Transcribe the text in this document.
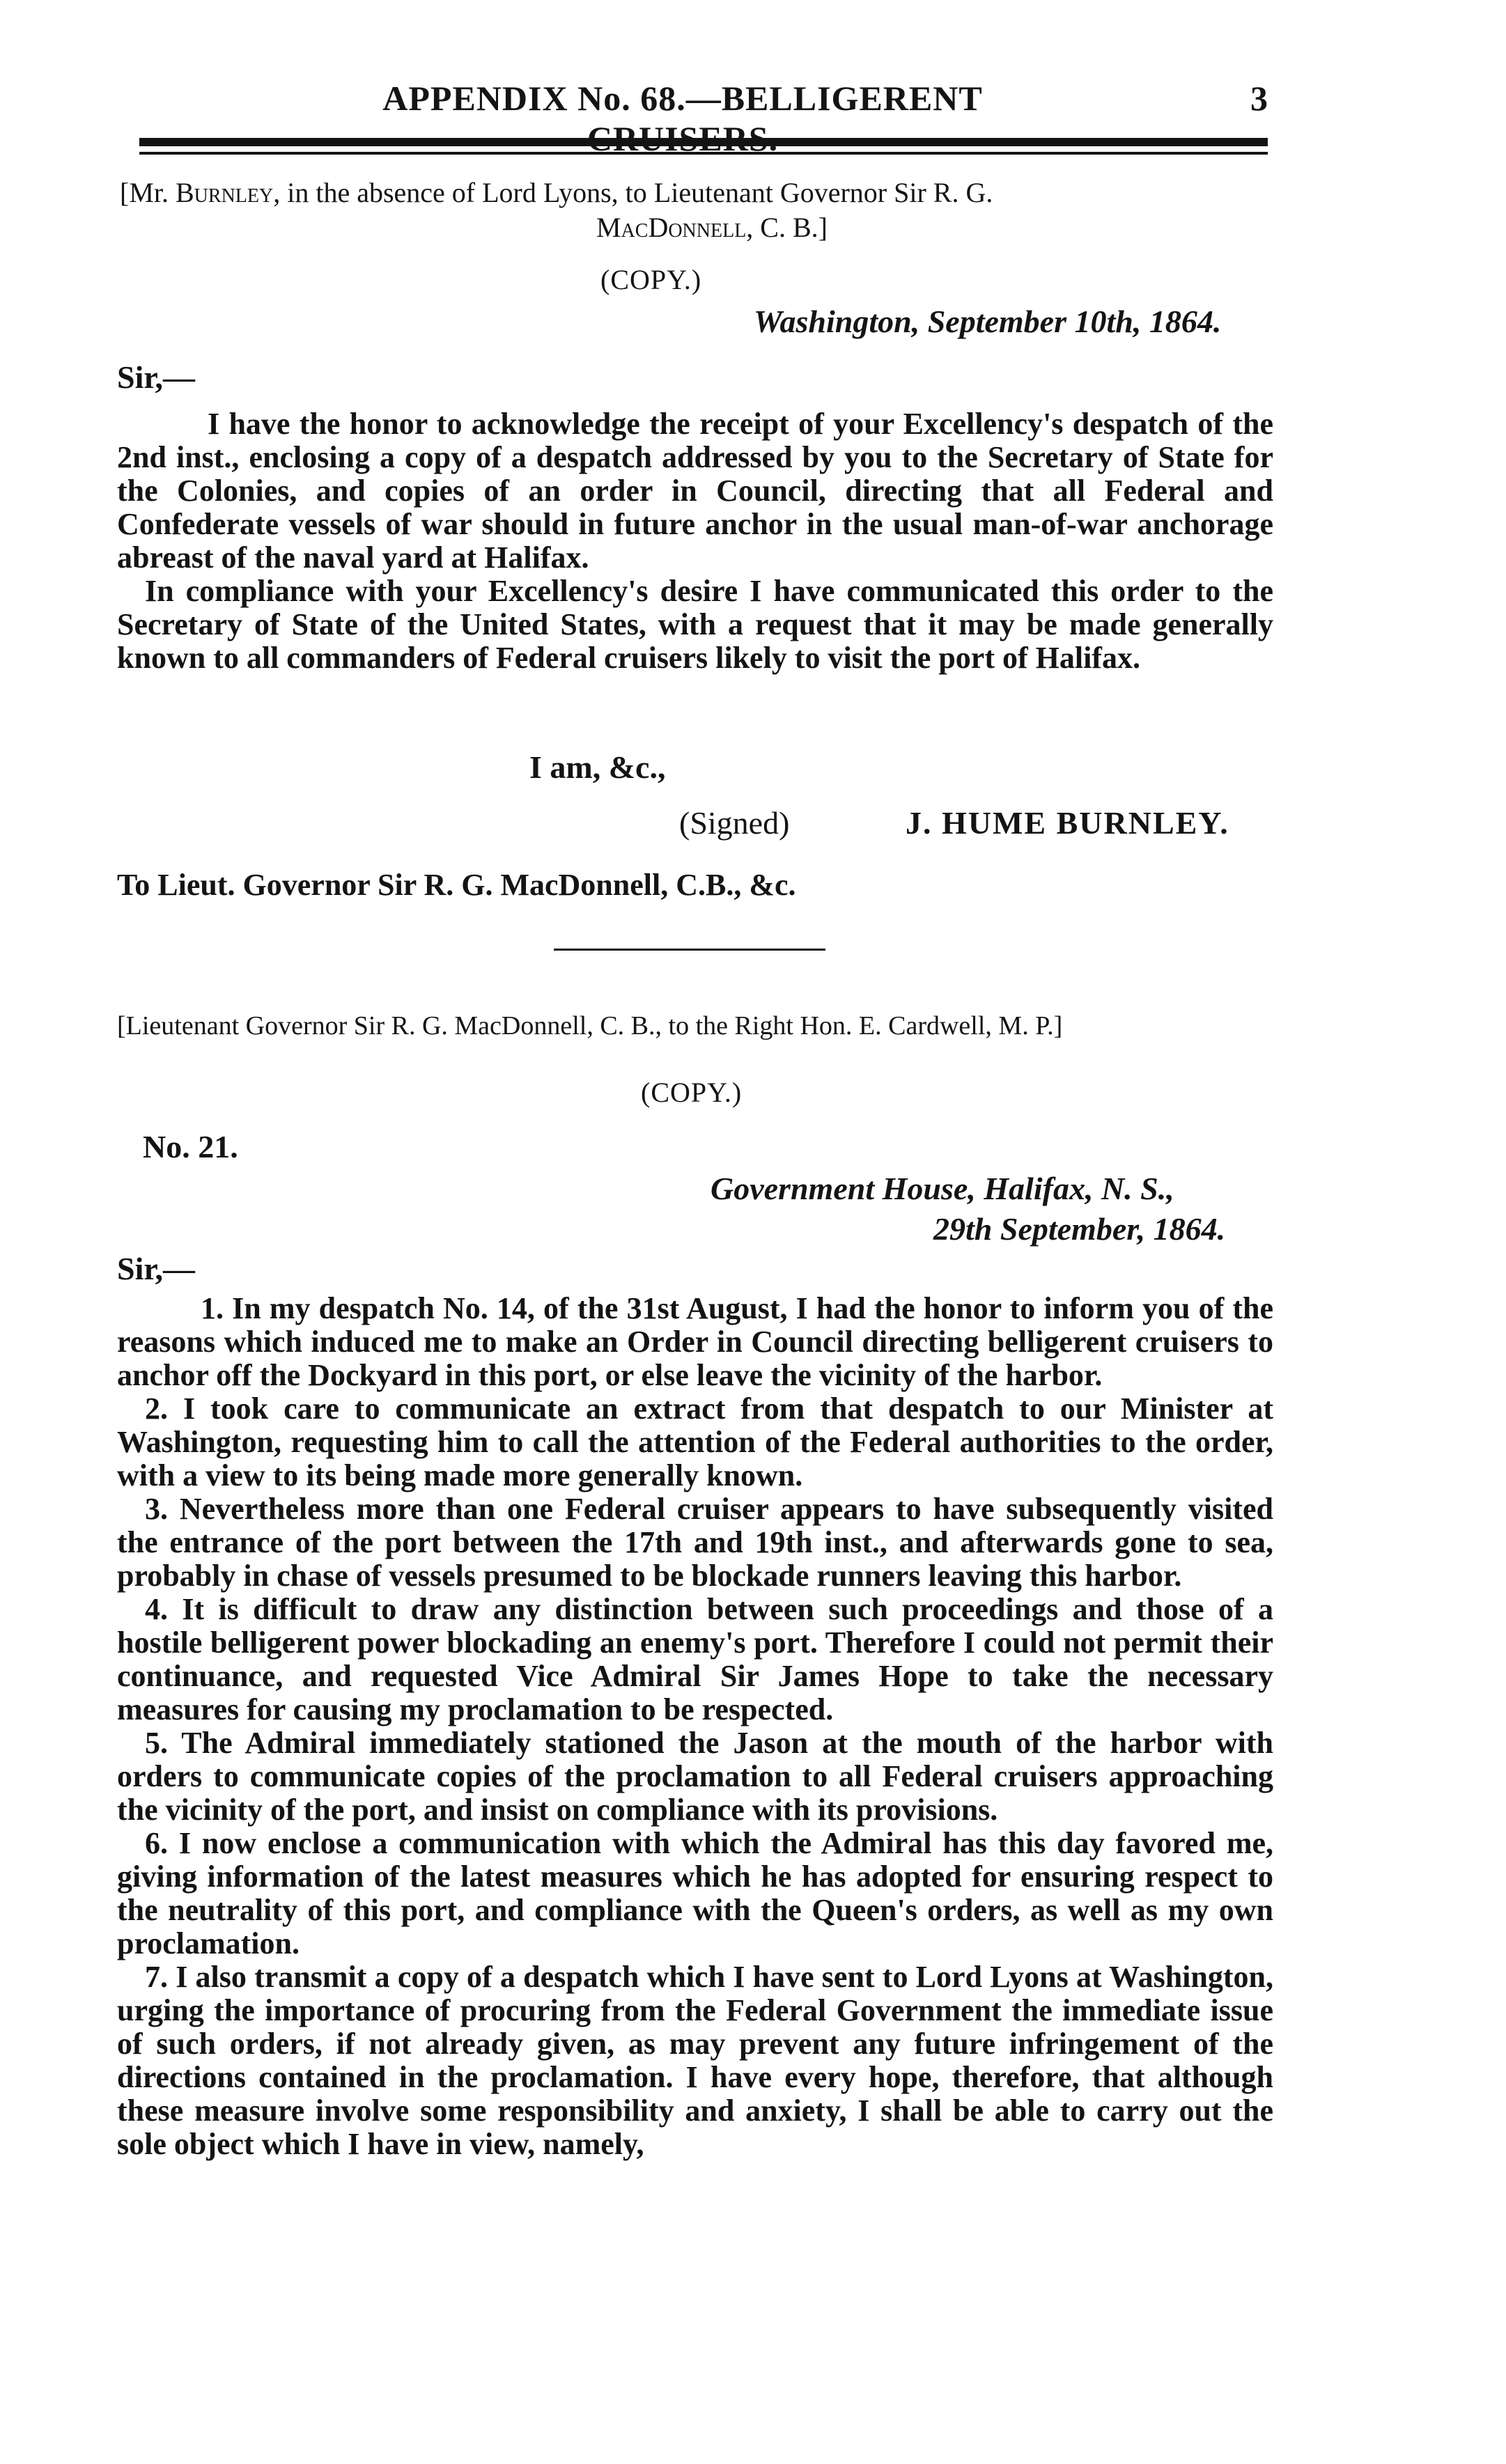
APPENDIX No. 68.—BELLIGERENT	3
[Mr. Burnley, in the absence of Lord Lyons, to Lieutenant Governor Sir R. G.
MacDonnell, C. B.]
(COPY.)
Washington, September 10th, 1864.
Sir,—

I have the honor to acknowledge the receipt of your Excellency's despatch of the 2nd inst., enclosing a copy of a despatch addressed by you to the Secretary of State for the Colonies, and copies of an order in Council, directing that all Federal and Confederate vessels of war should in future anchor in the usual man-of-war anchorage abreast of the naval yard at Halifax.

In compliance with your Excellency's desire I have communicated this order to the Secretary of State of the United States, with a request that it may be made generally known to all commanders of Federal cruisers likely to visit the port of Halifax.

I am, &c.,
(Signed)	J. HUME BURNLEY.
To Lieut. Governor Sir R. G. MacDonnell, C.B., &c.
[Lieutenant Governor Sir R. G. MacDonnell, C. B., to the Right Hon. E. Cardwell, M. P.]
(COPY.)
No. 21.
Government House, Halifax, N. S.,
29th September, 1864.
Sir,—

1. In my despatch No. 14, of the 31st August, I had the honor to inform you of the reasons which induced me to make an Order in Council directing belligerent cruisers to anchor off the Dockyard in this port, or else leave the vicinity of the harbor.

2. I took care to communicate an extract from that despatch to our Minister at Washington, requesting him to call the attention of the Federal authorities to the order, with a view to its being made more generally known.

3. Nevertheless more than one Federal cruiser appears to have subsequently visited the entrance of the port between the 17th and 19th inst., and afterwards gone to sea, probably in chase of vessels presumed to be blockade runners leaving this harbor.

4. It is difficult to draw any distinction between such proceedings and those of a hostile belligerent power blockading an enemy's port. Therefore I could not permit their continuance, and requested Vice Admiral Sir James Hope to take the necessary measures for causing my proclamation to be respected.

5. The Admiral immediately stationed the Jason at the mouth of the harbor with orders to communicate copies of the proclamation to all Federal cruisers approaching the vicinity of the port, and insist on compliance with its provisions.

6. I now enclose a communication with which the Admiral has this day favored me, giving information of the latest measures which he has adopted for ensuring respect to the neutrality of this port, and compliance with the Queen's orders, as well as my own proclamation.

7. I also transmit a copy of a despatch which I have sent to Lord Lyons at Washington, urging the importance of procuring from the Federal Government the immediate issue of such orders, if not already given, as may prevent any future infringement of the directions contained in the proclamation. I have every hope, therefore, that although these measure involve some responsibility and anxiety, I shall be able to carry out the sole object which I have in view, namely,
